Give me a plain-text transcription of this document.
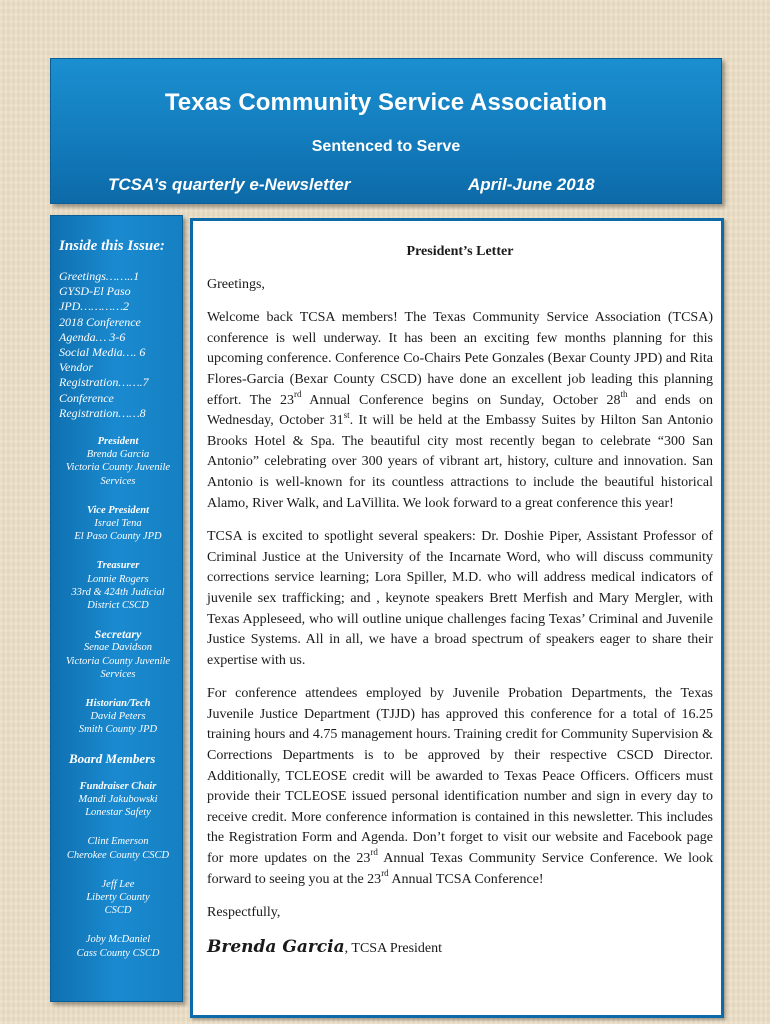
Texas Community Service Association
Sentenced to Serve
TCSA’s quarterly e-Newsletter	April-June 2018
Inside this Issue:
Greetings……..1
GYSD-El Paso
JPD…………2
2018 Conference
Agenda… 3-6
Social Media…. 6
Vendor
Registration…….7
Conference
Registration……8
President
Brenda Garcia
Victoria County Juvenile Services
Vice President
Israel Tena
El Paso County JPD
Treasurer
Lonnie Rogers
33rd & 424th Judicial District CSCD
Secretary
Senae Davidson
Victoria County Juvenile Services
Historian/Tech
David Peters
Smith County JPD
Board Members
Fundraiser Chair
Mandi Jakubowski
Lonestar Safety
Clint Emerson
Cherokee County CSCD
Jeff Lee
Liberty County
CSCD
Joby McDaniel
Cass County CSCD
President’s Letter
Greetings,
Welcome back TCSA members! The Texas Community Service Association (TCSA) conference is well underway. It has been an exciting few months planning for this upcoming conference. Conference Co-Chairs Pete Gonzales (Bexar County JPD) and Rita Flores-Garcia (Bexar County CSCD) have done an excellent job leading this planning effort. The 23rd Annual Conference begins on Sunday, October 28th and ends on Wednesday, October 31st. It will be held at the Embassy Suites by Hilton San Antonio Brooks Hotel & Spa. The beautiful city most recently began to celebrate “300 San Antonio” celebrating over 300 years of vibrant art, history, culture and innovation. San Antonio is well-known for its countless attractions to include the beautiful historical Alamo, River Walk, and LaVillita. We look forward to a great conference this year!
TCSA is excited to spotlight several speakers: Dr. Doshie Piper, Assistant Professor of Criminal Justice at the University of the Incarnate Word, who will discuss community corrections service learning; Lora Spiller, M.D. who will address medical indicators of juvenile sex trafficking; and , keynote speakers Brett Merfish and Mary Mergler, with Texas Appleseed, who will outline unique challenges facing Texas’ Criminal and Juvenile Justice Systems. All in all, we have a broad spectrum of speakers eager to share their expertise with us.
For conference attendees employed by Juvenile Probation Departments, the Texas Juvenile Justice Department (TJJD) has approved this conference for a total of 16.25 training hours and 4.75 management hours. Training credit for Community Supervision & Corrections Departments is to be approved by their respective CSCD Director. Additionally, TCLEOSE credit will be awarded to Texas Peace Officers. Officers must provide their TCLEOSE issued personal identification number and sign in every day to receive credit. More conference information is contained in this newsletter. This includes the Registration Form and Agenda. Don’t forget to visit our website and Facebook page for more updates on the 23rd Annual Texas Community Service Conference. We look forward to seeing you at the 23rd Annual TCSA Conference!
Respectfully,
Brenda Garcia, TCSA President
